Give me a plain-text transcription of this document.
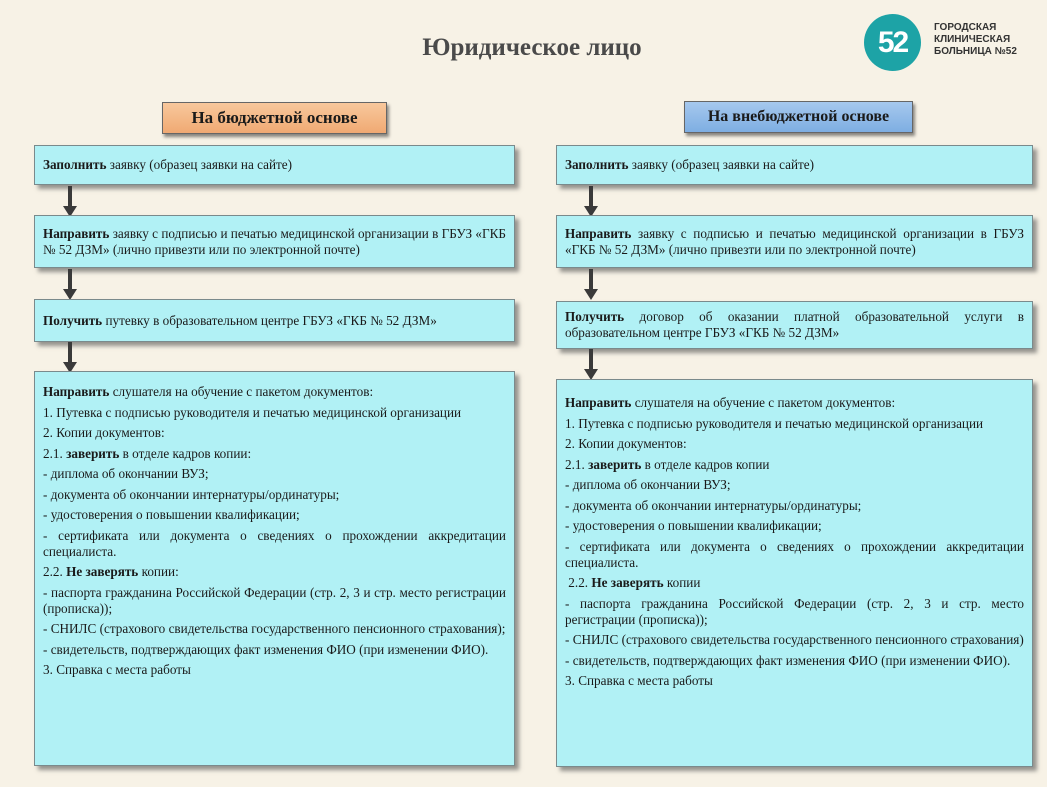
Юридическое лицо	52	ГОРОДСКАЯ
КЛИНИЧЕСКАЯ
БОЛЬНИЦА №52
На бюджетной основе
Заполнить заявку (образец заявки на сайте)
Направить заявку с подписью и печатью медицинской организации в ГБУЗ «ГКБ № 52 ДЗМ» (лично привезти или по электронной почте)
Получить путевку в образовательном центре ГБУЗ «ГКБ № 52 ДЗМ»
Направить слушателя на обучение с пакетом документов:
1. Путевка с подписью руководителя и печатью медицинской организации
2. Копии документов:
2.1. заверить в отделе кадров копии:
- диплома об окончании ВУЗ;
- документа об окончании интернатуры/ординатуры;
- удостоверения о повышении квалификации;
- сертификата или документа о сведениях о прохождении аккредитации специалиста.
2.2. Не заверять копии:
- паспорта гражданина Российской Федерации (стр. 2, 3 и стр. место регистрации (прописка));
- СНИЛС (страхового свидетельства государственного пенсионного страхования);
- свидетельств, подтверждающих факт изменения ФИО (при изменении ФИО).
3. Справка с места работы
На внебюджетной основе
Заполнить заявку (образец заявки на сайте)
Направить заявку с подписью и печатью медицинской организации в ГБУЗ «ГКБ № 52 ДЗМ» (лично привезти или по электронной почте)
Получить договор об оказании платной образовательной услуги в образовательном центре ГБУЗ «ГКБ № 52 ДЗМ»
Направить слушателя на обучение с пакетом документов:
1. Путевка с подписью руководителя и печатью медицинской организации
2. Копии документов:
2.1. заверить в отделе кадров копии
- диплома об окончании ВУЗ;
- документа об окончании интернатуры/ординатуры;
- удостоверения о повышении квалификации;
- сертификата или документа о сведениях о прохождении аккредитации специалиста.
2.2. Не заверять копии
- паспорта гражданина Российской Федерации (стр. 2, 3 и стр. место регистрации (прописка));
- СНИЛС (страхового свидетельства государственного пенсионного страхования)
- свидетельств, подтверждающих факт изменения ФИО (при изменении ФИО).
3. Справка с места работы
